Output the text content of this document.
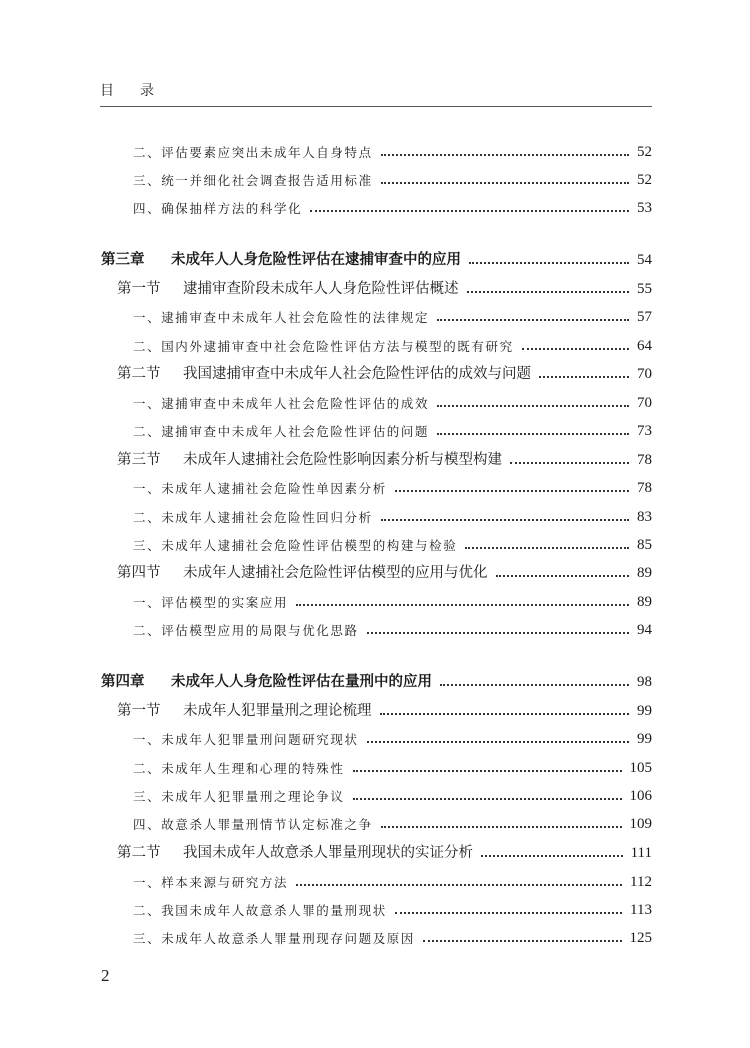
目录
二、评估要素应突出未成年人自身特点	52
三、统一并细化社会调查报告适用标准	52
四、确保抽样方法的科学化	53
第三章 未成年人人身危险性评估在逮捕审查中的应用	54
第一节 逮捕审查阶段未成年人人身危险性评估概述	55
一、逮捕审查中未成年人社会危险性的法律规定	57
二、国内外逮捕审查中社会危险性评估方法与模型的既有研究	64
第二节 我国逮捕审查中未成年人社会危险性评估的成效与问题	70
一、逮捕审查中未成年人社会危险性评估的成效	70
二、逮捕审查中未成年人社会危险性评估的问题	73
第三节 未成年人逮捕社会危险性影响因素分析与模型构建	78
一、未成年人逮捕社会危险性单因素分析	78
二、未成年人逮捕社会危险性回归分析	83
三、未成年人逮捕社会危险性评估模型的构建与检验	85
第四节 未成年人逮捕社会危险性评估模型的应用与优化	89
一、评估模型的实案应用	89
二、评估模型应用的局限与优化思路	94
第四章 未成年人人身危险性评估在量刑中的应用	98
第一节 未成年人犯罪量刑之理论梳理	99
一、未成年人犯罪量刑问题研究现状	99
二、未成年人生理和心理的特殊性	105
三、未成年人犯罪量刑之理论争议	106
四、故意杀人罪量刑情节认定标准之争	109
第二节 我国未成年人故意杀人罪量刑现状的实证分析	111
一、样本来源与研究方法	112
二、我国未成年人故意杀人罪的量刑现状	113
三、未成年人故意杀人罪量刑现存问题及原因	125
2
